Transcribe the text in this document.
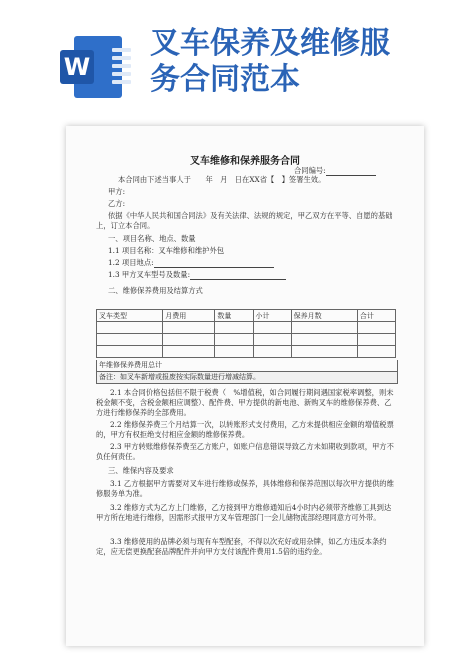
W
叉车保养及维修服
务合同范本
叉车维修和保养服务合同
合同编号:
本合同由下述当事人于　　年　月　日在XX省【　】签署生效。
甲方:
乙方:
依据《中华人民共和国合同法》及有关法律、法规的规定，甲乙双方在平等、自愿的基础上，订立本合同。
一、项目名称、地点、数量
1.1 项目名称：叉车维修和维护外包
1.2 项目地点:
1.3 甲方叉车型号及数量:
二、维修保养费用及结算方式
叉车类型	月费用	数量	小计	保养月数	合计

年维修保养费用总计
备注：如叉车新增或报废按实际数量进行增减结算。
2.1 本合同价格包括但不限于税费（　%增值税，如合同履行期间遇国家税率调整，则未税金额不变，含税金额相应调整）、配件费、甲方提供的新电池、新购叉车的维修保养费、乙方进行维修保养的全部费用。
2.2 维修保养费三个月结算一次，以转账形式支付费用，乙方未提供相应金额的增值税票的，甲方有权拒绝支付相应金额的维修保养费。
2.3 甲方转账维修保养费至乙方账户，如账户信息错误导致乙方未如期收到款项，甲方不负任何责任。
三、维保内容及要求
3.1 乙方根据甲方需要对叉车进行维修或保养，具体维修和保养范围以每次甲方提供的维修服务单为准。
3.2 维修方式为乙方上门维修，乙方接到甲方维修通知后4小时内必须带齐维修工具到达甲方所在地进行维修，因需形式报甲方叉车管理部门一会儿储物流部经理同意方可外带。
3.3 维修使用的品牌必须与现有车型配套，不得以次充好或用杂牌，如乙方违反本条约定，应无偿更换配套品牌配件并向甲方支付该配件费用1.5倍的违约金。
